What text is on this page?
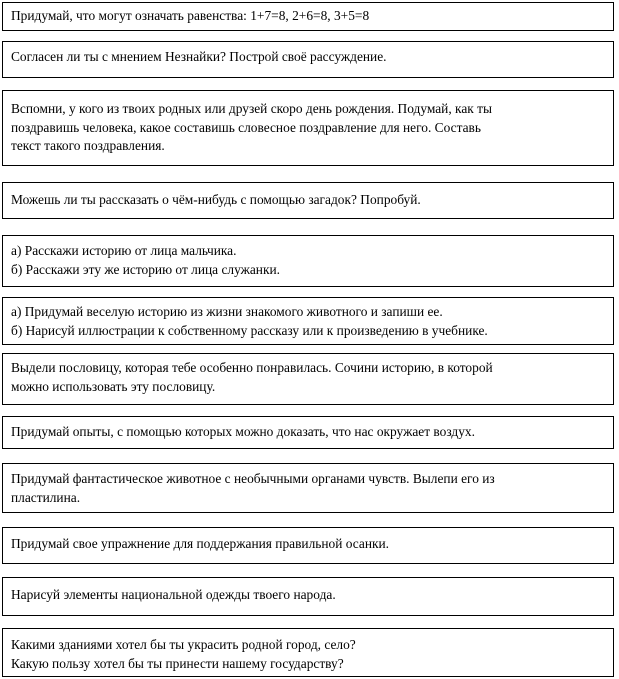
Придумай, что могут означать равенства: 1+7=8, 2+6=8, 3+5=8
Согласен ли ты с мнением Незнайки? Построй своё рассуждение.
Вспомни, у кого из твоих родных или друзей скоро день рождения. Подумай, как ты
поздравишь человека, какое составишь словесное поздравление для него. Составь
текст такого поздравления.
Можешь ли ты рассказать о чём-нибудь с помощью загадок? Попробуй.
а) Расскажи историю от лица мальчика.
б) Расскажи эту же историю от лица служанки.
а) Придумай веселую историю из жизни знакомого животного и запиши ее.
б) Нарисуй иллюстрации к собственному рассказу или к произведению в учебнике.
Выдели пословицу, которая тебе особенно понравилась. Сочини историю, в которой
можно использовать эту пословицу.
Придумай опыты, с помощью которых можно доказать, что нас окружает воздух.
Придумай фантастическое животное с необычными органами чувств. Вылепи его из
пластилина.
Придумай свое упражнение для поддержания правильной осанки.
Нарисуй элементы национальной одежды твоего народа.
Какими зданиями хотел бы ты украсить родной город, село?
Какую пользу хотел бы ты принести нашему государству?
